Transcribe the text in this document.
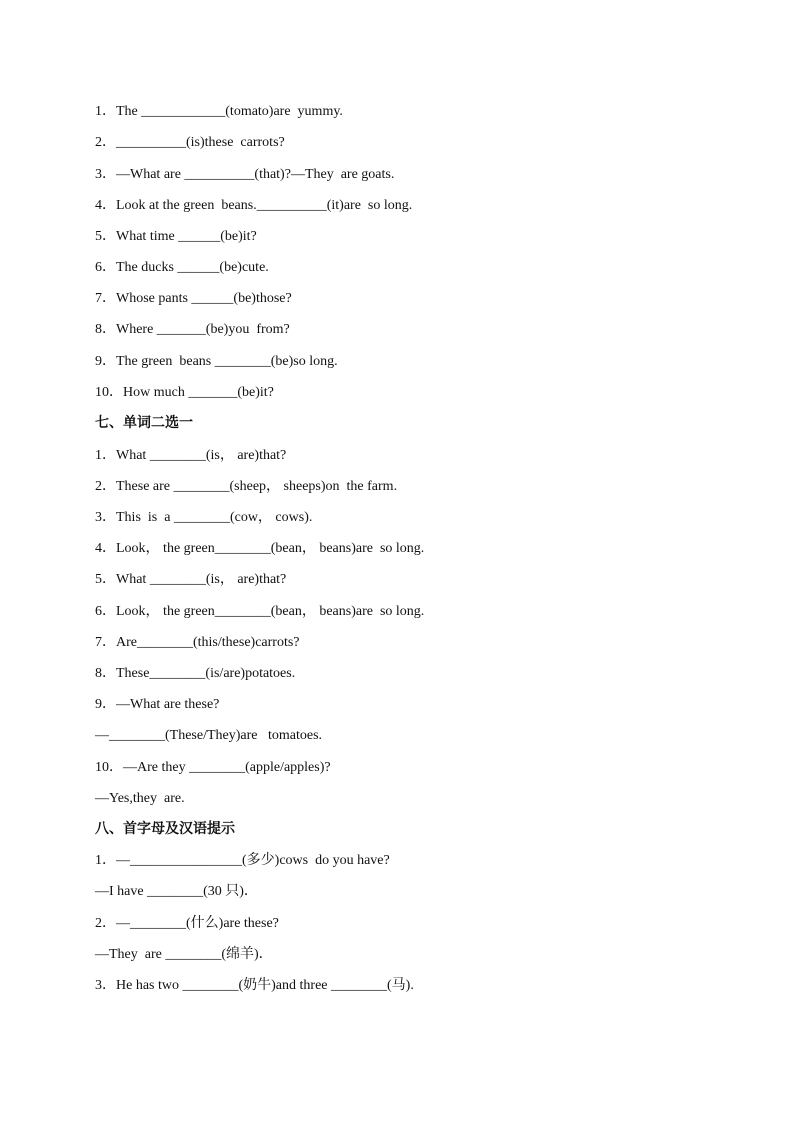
1．The ____________(tomato)are  yummy.
2．__________(is)these  carrots?
3．—What are __________(that)?—They  are goats.
4．Look at the green  beans.__________(it)are  so long.
5．What time ______(be)it?
6．The ducks ______(be)cute.
7．Whose pants ______(be)those?
8．Where _______(be)you  from?
9．The green  beans ________(be)so long.
10．How much _______(be)it?
七、单词二选一
1．What ________(is， are)that?
2．These are ________(sheep， sheeps)on  the farm.
3．This  is  a ________(cow， cows).
4．Look， the green________(bean， beans)are  so long.
5．What ________(is， are)that?
6．Look， the green________(bean， beans)are  so long.
7．Are________(this/these)carrots?
8．These________(is/are)potatoes.
9．—What are these?
—________(These/They)are   tomatoes.
10．—Are they ________(apple/apples)?
—Yes,they  are.
八、首字母及汉语提示
1．—________________(多少)cows  do you have?
—I have ________(30 只)．
2．—________(什么)are these?
—They  are ________(绵羊)．
3．He has two ________(奶牛)and three ________(马).
